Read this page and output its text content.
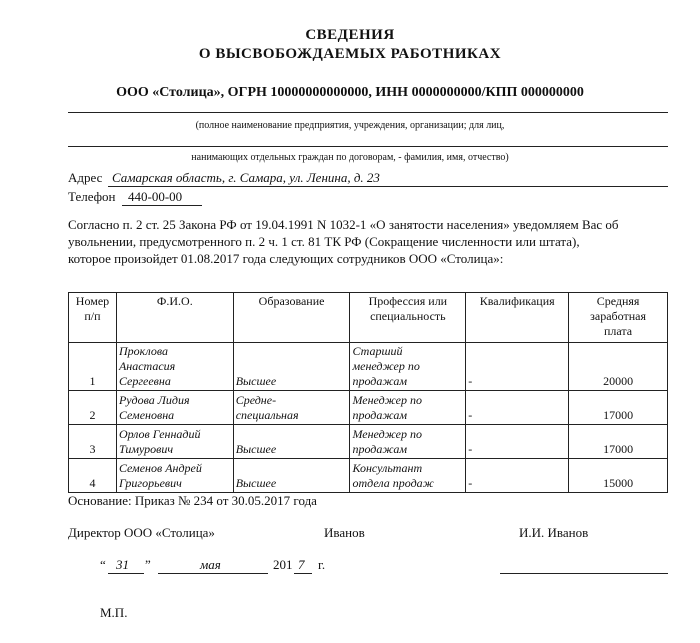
СВЕДЕНИЯ
О ВЫСВОБОЖДАЕМЫХ РАБОТНИКАХ
ООО «Столица», ОГРН 10000000000000, ИНН 0000000000/КПП 000000000
(полное наименование предприятия, учреждения, организации; для лиц,
нанимающих отдельных граждан по договорам, - фамилия, имя, отчество)
Адрес Самарская область, г. Самара, ул. Ленина, д. 23
Телефон 440-00-00
Согласно п. 2 ст. 25 Закона РФ от 19.04.1991 N 1032-1 «О занятости населения» уведомляем Вас об
увольнении, предусмотренного п. 2 ч. 1 ст. 81 ТК РФ (Сокращение численности или штата),
которое произойдет 01.08.2017 года следующих сотрудников ООО «Столица»:
Номер
п/п	Ф.И.О.	Образование	Профессия или
специальность	Квалификация	Средняя
заработная
плата
1	Проклова
Анастасия
Сергеевна	Высшее	Старший
менеджер по
продажам	-	20000
2	Рудова Лидия
Семеновна	Средне-
специальная	Менеджер по
продажам	-	17000
3	Орлов Геннадий
Тимурович	Высшее	Менеджер по
продажам	-	17000
4	Семенов Андрей
Григорьевич	Высшее	Консультант
отдела продаж	-	15000
Основание: Приказ № 234 от 30.05.2017 года
Директор ООО «Столица»	Иванов	И.И. Иванов
“ 31 ”	мая	201 7 г.
М.П.
